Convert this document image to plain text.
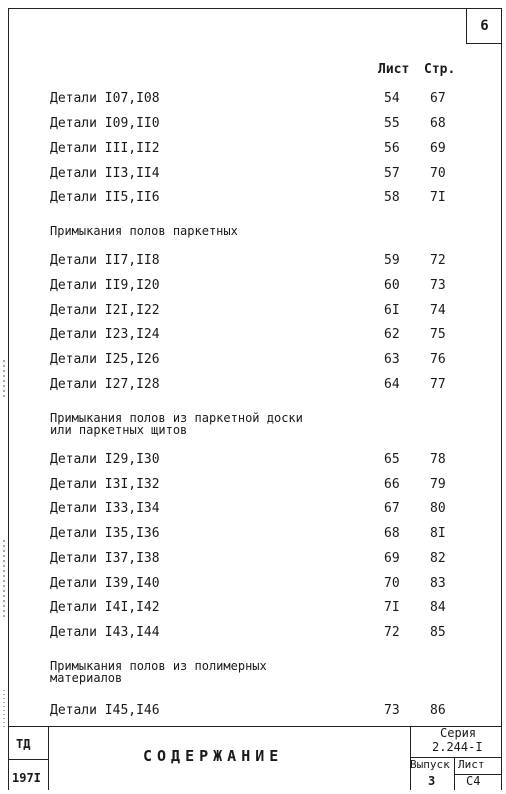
6
Лист Стр.
Детали I07,I08	54 67
Детали I09,II0	55 68
Детали III,II2	56 69
Детали II3,II4	57 70
Детали II5,II6	58 7I
Примыкания полов паркетных
Детали II7,II8	59 72
Детали II9,I20	60 73
Детали I2I,I22	6I 74
Детали I23,I24	62 75
Детали I25,I26	63 76
Детали I27,I28	64 77
Примыкания полов из паркетной доски
или паркетных щитов
Детали I29,I30	65 78
Детали I3I,I32	66 79
Детали I33,I34	67 80
Детали I35,I36	68 8I
Детали I37,I38	69 82
Детали I39,I40	70 83
Детали I4I,I42	7I 84
Детали I43,I44	72 85
Примыкания полов из полимерных
материалов
Детали I45,I46	73 86
ТД
197I
СОДЕРЖАНИЕ
Серия
2.244-I
Выпуск
3
Лист
С4
